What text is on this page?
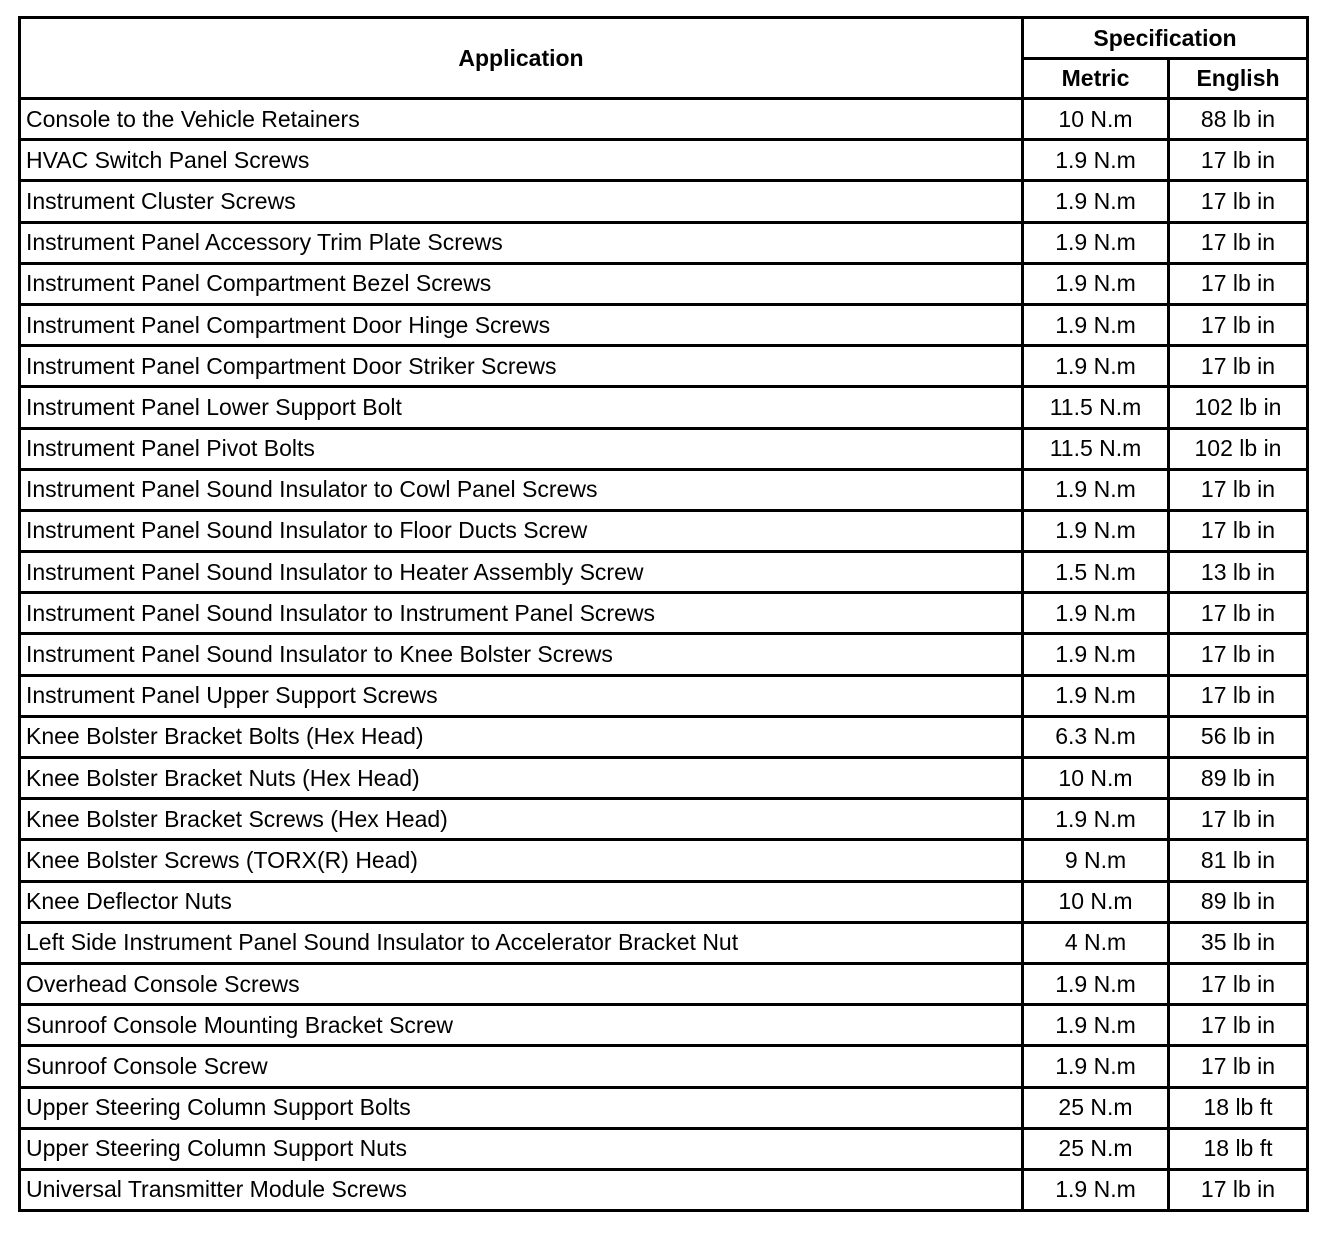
Application	Specification	
	Metric	English
Console to the Vehicle Retainers	10 N.m	88 lb in
HVAC Switch Panel Screws	1.9 N.m	17 lb in
Instrument Cluster Screws	1.9 N.m	17 lb in
Instrument Panel Accessory Trim Plate Screws	1.9 N.m	17 lb in
Instrument Panel Compartment Bezel Screws	1.9 N.m	17 lb in
Instrument Panel Compartment Door Hinge Screws	1.9 N.m	17 lb in
Instrument Panel Compartment Door Striker Screws	1.9 N.m	17 lb in
Instrument Panel Lower Support Bolt	11.5 N.m	102 lb in
Instrument Panel Pivot Bolts	11.5 N.m	102 lb in
Instrument Panel Sound Insulator to Cowl Panel Screws	1.9 N.m	17 lb in
Instrument Panel Sound Insulator to Floor Ducts Screw	1.9 N.m	17 lb in
Instrument Panel Sound Insulator to Heater Assembly Screw	1.5 N.m	13 lb in
Instrument Panel Sound Insulator to Instrument Panel Screws	1.9 N.m	17 lb in
Instrument Panel Sound Insulator to Knee Bolster Screws	1.9 N.m	17 lb in
Instrument Panel Upper Support Screws	1.9 N.m	17 lb in
Knee Bolster Bracket Bolts (Hex Head)	6.3 N.m	56 lb in
Knee Bolster Bracket Nuts (Hex Head)	10 N.m	89 lb in
Knee Bolster Bracket Screws (Hex Head)	1.9 N.m	17 lb in
Knee Bolster Screws (TORX(R) Head)	9 N.m	81 lb in
Knee Deflector Nuts	10 N.m	89 lb in
Left Side Instrument Panel Sound Insulator to Accelerator Bracket Nut	4 N.m	35 lb in
Overhead Console Screws	1.9 N.m	17 lb in
Sunroof Console Mounting Bracket Screw	1.9 N.m	17 lb in
Sunroof Console Screw	1.9 N.m	17 lb in
Upper Steering Column Support Bolts	25 N.m	18 lb ft
Upper Steering Column Support Nuts	25 N.m	18 lb ft
Universal Transmitter Module Screws	1.9 N.m	17 lb in
